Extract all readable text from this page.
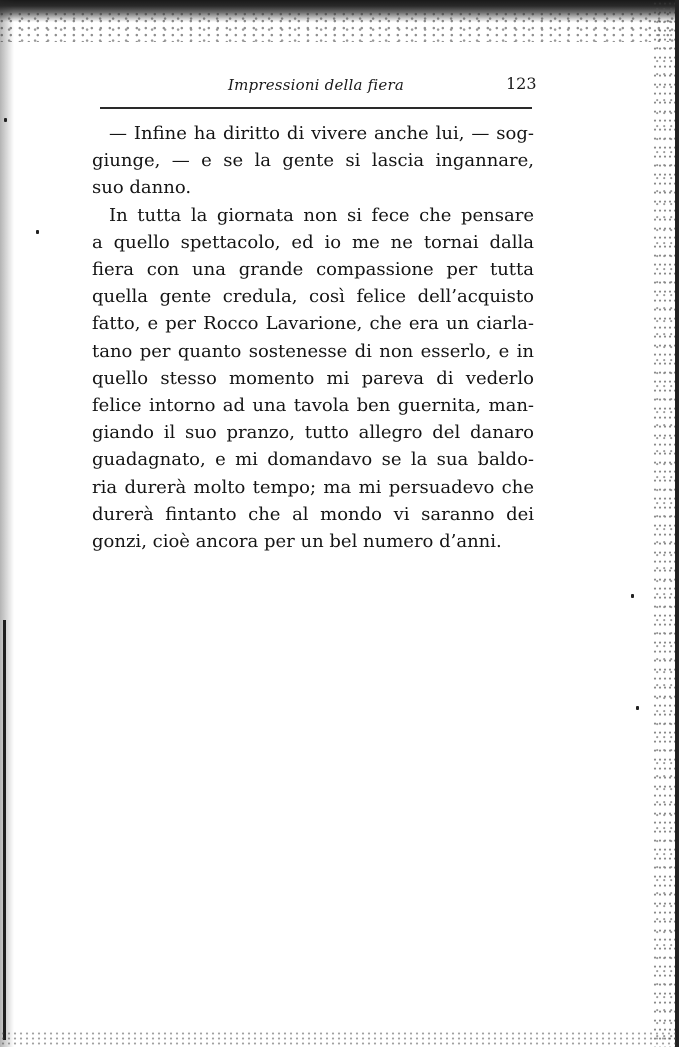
Impressioni della fiera	123
— Infine ha diritto di vivere anche lui, — sog-
giunge, — e se la gente si lascia ingannare,
suo danno.
In tutta la giornata non si fece che pensare
a quello spettacolo, ed io me ne tornai dalla
fiera con una grande compassione per tutta
quella gente credula, così felice dell’acquisto
fatto, e per Rocco Lavarione, che era un ciarla-
tano per quanto sostenesse di non esserlo, e in
quello stesso momento mi pareva di vederlo
felice intorno ad una tavola ben guernita, man-
giando il suo pranzo, tutto allegro del danaro
guadagnato, e mi domandavo se la sua baldo-
ria durerà molto tempo; ma mi persuadevo che
durerà fintanto che al mondo vi saranno dei
gonzi, cioè ancora per un bel numero d’anni.
